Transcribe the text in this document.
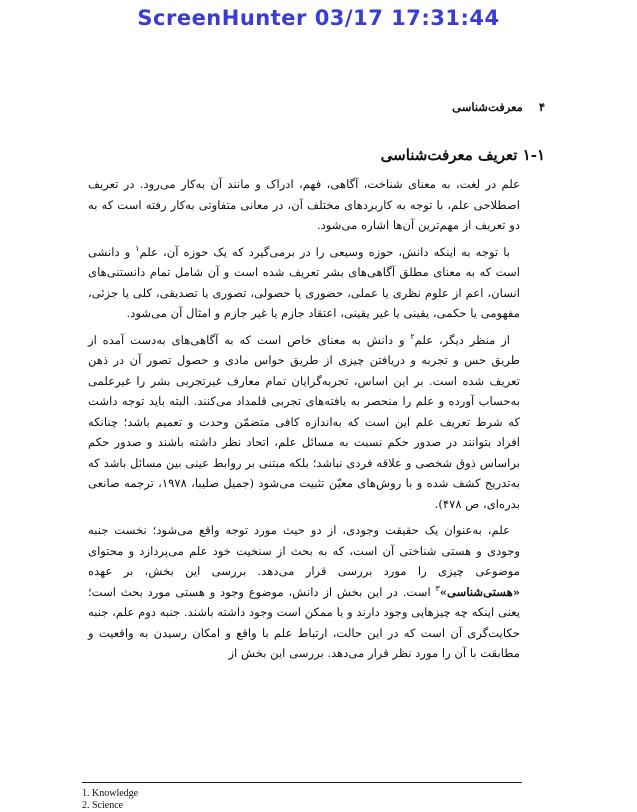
ScreenHunter 03/17 17:31:44
۴ معرفت‌شناسی
۱-۱ تعریف معرفت‌شناسی

علم در لغت، به معنای شناخت، آگاهی، فهم، ادراک و مانند آن به‌کار می‌رود. در تعریف اصطلاحی علم، با توجه به کاربردهای مختلف آن، در معانی متفاوتی به‌کار رفته است که به دو تعریف از مهم‌ترین آن‌ها اشاره می‌شود.

با توجه به اینکه دانش، حوزه وسیعی را در برمی‌گیرد که یک حوزه آن، علم$^۱$ و دانشی است که به معنای مطلق آگاهی‌های بشر تعریف شده است و آن شامل تمام دانستنی‌های انسان، اعم از علوم نظری یا عملی، حضوری یا حصولی، تصوری یا تصدیقی، کلی یا جزئی، مفهومی یا حکمی، یقینی یا غیر یقینی، اعتقاد جازم یا غیر جازم و امثال آن می‌شود.

از منظر دیگر، علم$^۲$ و دانش به معنای خاص است که به آگاهی‌های به‌دست آمده از طریق حس و تجربه و دریافتن چیزی از طریق حواس مادی و حصول تصور آن در ذهن تعریف شده است. بر این اساس، تجربه‌گرایان تمام معارف غیرتجربی بشر را غیرعلمی به‌حساب آورده و علم را منحصر به یافته‌های تجربی قلمداد می‌کنند. البته باید توجه داشت که شرط تعریف علم این است که به‌اندازه کافی متضمّن وحدت و تعمیم باشد؛ چنانکه افراد بتوانند در صدور حکم نسبت به مسائل علم، اتحاد نظر داشته باشند و صدور حکم براساس ذوق شخصی و علاقه فردی نباشد؛ بلکه مبتنی بر روابط عینی بین مسائل باشد که به‌تدریج کشف شده و با روش‌های معیّن تثبیت می‌شود (جمیل صلیبا، ۱۹۷۸، ترجمه صانعی بدره‌ای، ص ۴۷۸).

علم، به‌عنوان یک حقیقت وجودی، از دو حیث مورد توجه واقع می‌شود؛ نخست جنبه وجودی و هستی شناختی آن است، که به بحث از سنخیت خود علم می‌پردازد و محتوای موضوعی چیزی را مورد بررسی قرار می‌دهد. بررسی این بخش، بر عهده «هستی‌شناسی»$^۳$ است. در این بخش از دانش، موضوع وجود و هستی مورد بحث است؛ یعنی اینکه چه چیزهایی وجود دارند و یا ممکن است وجود داشته باشند. جنبه دوم علم، جنبه حکایت‌گری آن است که در این حالت، ارتباط علم با واقع و امکان رسیدن به واقعیت و مطابقت با آن را مورد نظر قرار می‌دهد. بررسی این بخش از

1. Knowledge
2. Science
